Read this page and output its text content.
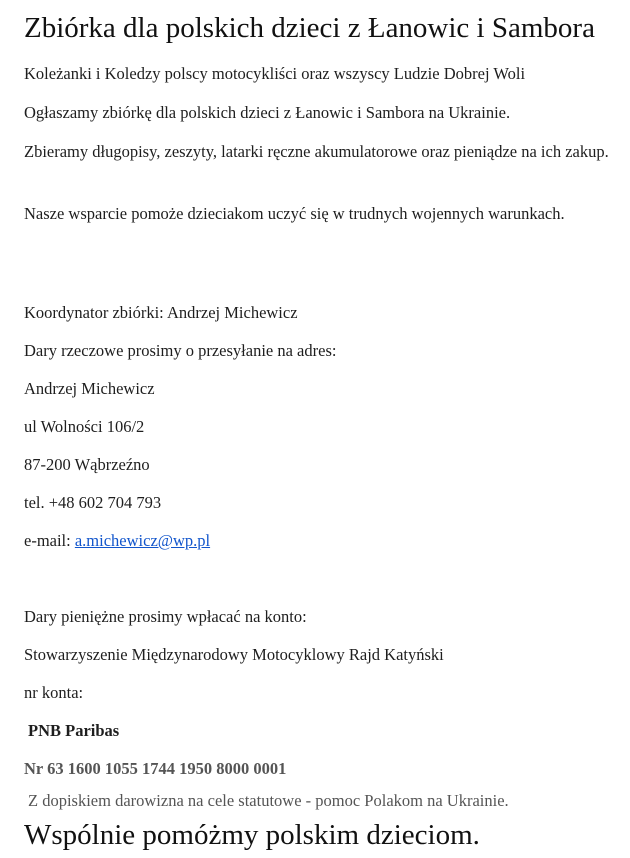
Zbiórka dla polskich dzieci z Łanowic i Sambora
Koleżanki i Koledzy polscy motocykliści oraz wszyscy Ludzie Dobrej Woli
Ogłaszamy zbiórkę dla polskich dzieci z Łanowic i Sambora na Ukrainie.
Zbieramy długopisy, zeszyty, latarki ręczne akumulatorowe oraz pieniądze na ich zakup.
Nasze wsparcie pomoże dzieciakom uczyć się w trudnych wojennych warunkach.
Koordynator zbiórki: Andrzej Michewicz
Dary rzeczowe prosimy o przesyłanie na adres:
Andrzej Michewicz
ul Wolności 106/2
87-200 Wąbrzeźno
tel. +48 602 704 793
e-mail: a.michewicz@wp.pl
Dary pieniężne prosimy wpłacać na konto:
Stowarzyszenie Międzynarodowy Motocyklowy Rajd Katyński
nr konta:
PNB Paribas
Nr 63 1600 1055 1744 1950 8000 0001
Z dopiskiem darowizna na cele statutowe - pomoc Polakom na Ukrainie.
Wspólnie pomóżmy polskim dzieciom.
